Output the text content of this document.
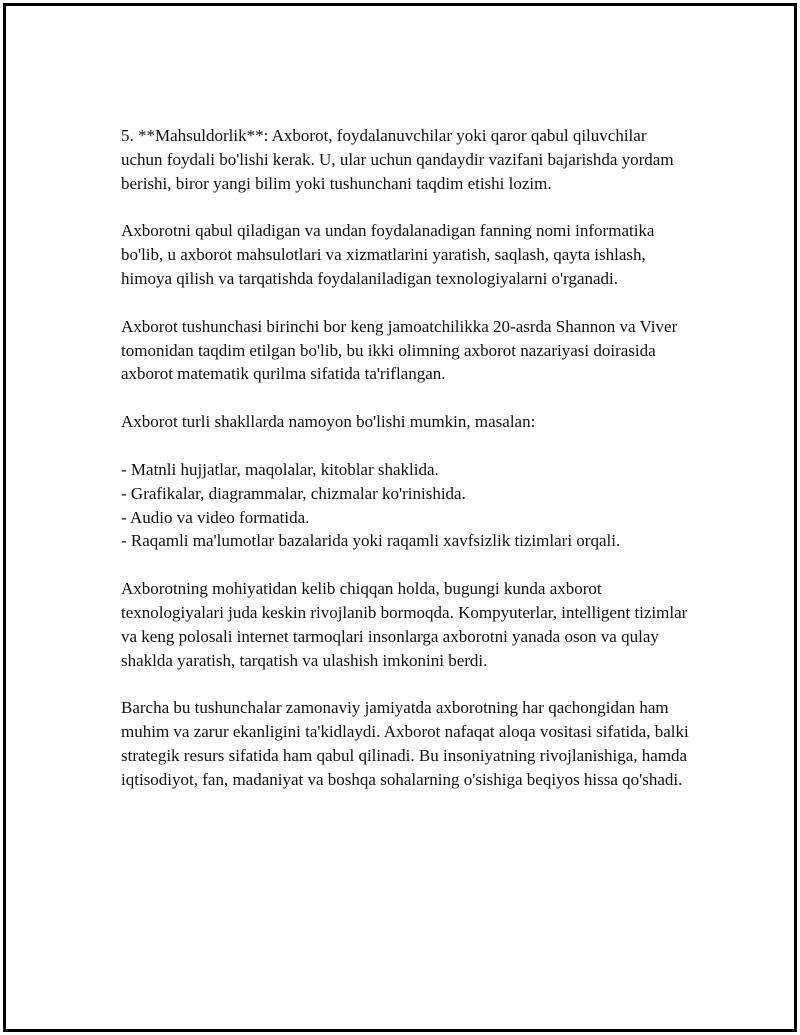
5. **Mahsuldorlik**: Axborot, foydalanuvchilar yoki qaror qabul qiluvchilar uchun foydali bo'lishi kerak. U, ular uchun qandaydir vazifani bajarishda yordam berishi, biror yangi bilim yoki tushunchani taqdim etishi lozim.

Axborotni qabul qiladigan va undan foydalanadigan fanning nomi informatika bo'lib, u axborot mahsulotlari va xizmatlarini yaratish, saqlash, qayta ishlash, himoya qilish va tarqatishda foydalaniladigan texnologiyalarni o'rganadi.

Axborot tushunchasi birinchi bor keng jamoatchilikka 20-asrda Shannon va Viver tomonidan taqdim etilgan bo'lib, bu ikki olimning axborot nazariyasi doirasida axborot matematik qurilma sifatida ta'riflangan.

Axborot turli shakllarda namoyon bo'lishi mumkin, masalan:

- Matnli hujjatlar, maqolalar, kitoblar shaklida.
- Grafikalar, diagrammalar, chizmalar ko'rinishida.
- Audio va video formatida.
- Raqamli ma'lumotlar bazalarida yoki raqamli xavfsizlik tizimlari orqali.

Axborotning mohiyatidan kelib chiqqan holda, bugungi kunda axborot texnologiyalari juda keskin rivojlanib bormoqda. Kompyuterlar, intelligent tizimlar va keng polosali internet tarmoqlari insonlarga axborotni yanada oson va qulay shaklda yaratish, tarqatish va ulashish imkonini berdi.

Barcha bu tushunchalar zamonaviy jamiyatda axborotning har qachongidan ham muhim va zarur ekanligini ta'kidlaydi. Axborot nafaqat aloqa vositasi sifatida, balki strategik resurs sifatida ham qabul qilinadi. Bu insoniyatning rivojlanishiga, hamda iqtisodiyot, fan, madaniyat va boshqa sohalarning o'sishiga beqiyos hissa qo'shadi.
